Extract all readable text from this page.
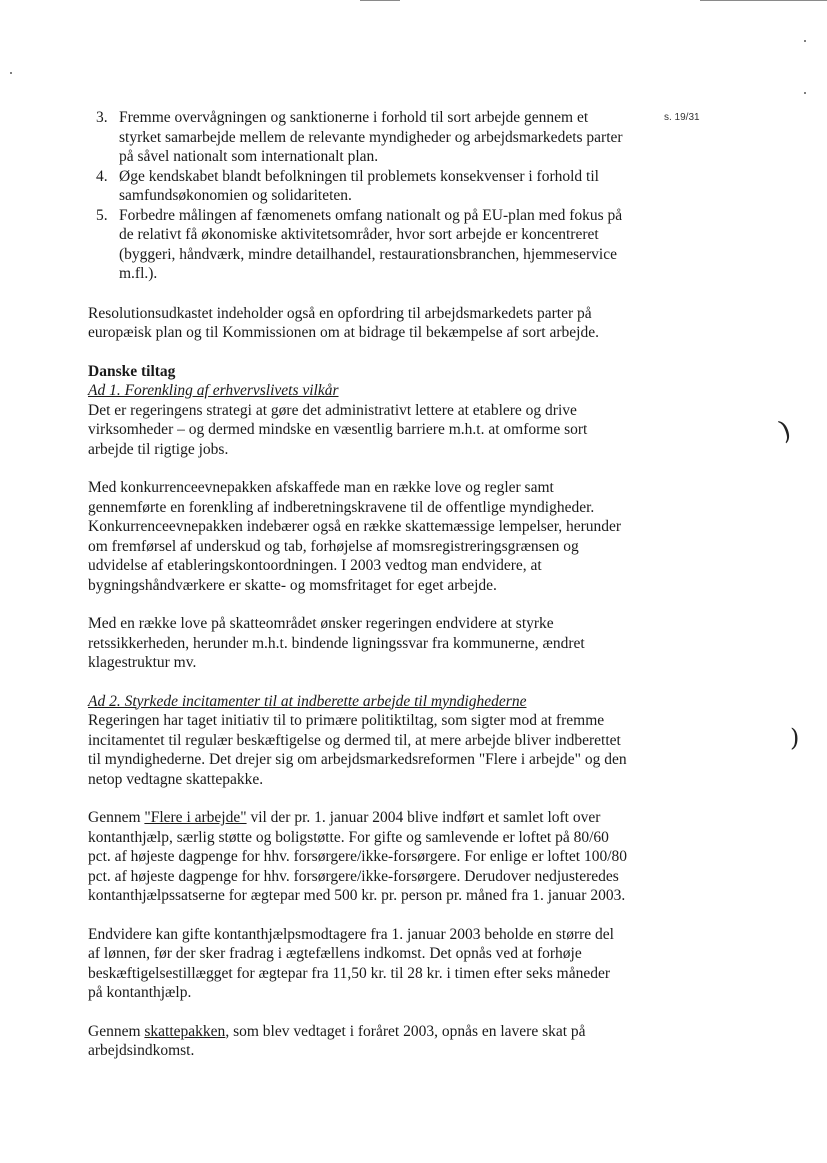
s. 19/31
)
)
3. Fremme overvågningen og sanktionerne i forhold til sort arbejde gennem et styrket samarbejde mellem de relevante myndigheder og arbejdsmarkedets parter på såvel nationalt som internationalt plan.
4. Øge kendskabet blandt befolkningen til problemets konsekvenser i forhold til samfundsøkonomien og solidariteten.
5. Forbedre målingen af fænomenets omfang nationalt og på EU-plan med fokus på de relativt få økonomiske aktivitetsområder, hvor sort arbejde er koncentreret (byggeri, håndværk, mindre detailhandel, restaurationsbranchen, hjemmeservice m.fl.).

Resolutionsudkastet indeholder også en opfordring til arbejdsmarkedets parter på europæisk plan og til Kommissionen om at bidrage til bekæmpelse af sort arbejde.

Danske tiltag
Ad 1. Forenkling af erhvervslivets vilkår

Det er regeringens strategi at gøre det administrativt lettere at etablere og drive virksomheder – og dermed mindske en væsentlig barriere m.h.t. at omforme sort arbejde til rigtige jobs.

Med konkurrenceevnepakken afskaffede man en række love og regler samt gennemførte en forenkling af indberetningskravene til de offentlige myndigheder. Konkurrenceevnepakken indebærer også en række skattemæssige lempelser, herunder om fremførsel af underskud og tab, forhøjelse af momsregistreringsgrænsen og udvidelse af etableringskontoordningen. I 2003 vedtog man endvidere, at bygningshåndværkere er skatte- og momsfritaget for eget arbejde.

Med en række love på skatteområdet ønsker regeringen endvidere at styrke retssikkerheden, herunder m.h.t. bindende ligningssvar fra kommunerne, ændret klagestruktur mv.

Ad 2. Styrkede incitamenter til at indberette arbejde til myndighederne

Regeringen har taget initiativ til to primære politiktiltag, som sigter mod at fremme incitamentet til regulær beskæftigelse og dermed til, at mere arbejde bliver indberettet til myndighederne. Det drejer sig om arbejdsmarkedsreformen "Flere i arbejde" og den netop vedtagne skattepakke.

Gennem "Flere i arbejde" vil der pr. 1. januar 2004 blive indført et samlet loft over kontanthjælp, særlig støtte og boligstøtte. For gifte og samlevende er loftet på 80/60 pct. af højeste dagpenge for hhv. forsørgere/ikke-forsørgere. For enlige er loftet 100/80 pct. af højeste dagpenge for hhv. forsørgere/ikke-forsørgere. Derudover nedjusteredes kontanthjælpssatserne for ægtepar med 500 kr. pr. person pr. måned fra 1. januar 2003.

Endvidere kan gifte kontanthjælpsmodtagere fra 1. januar 2003 beholde en større del af lønnen, før der sker fradrag i ægtefællens indkomst. Det opnås ved at forhøje beskæftigelsestillægget for ægtepar fra 11,50 kr. til 28 kr. i timen efter seks måneder på kontanthjælp.

Gennem skattepakken, som blev vedtaget i foråret 2003, opnås en lavere skat på arbejdsindkomst.
